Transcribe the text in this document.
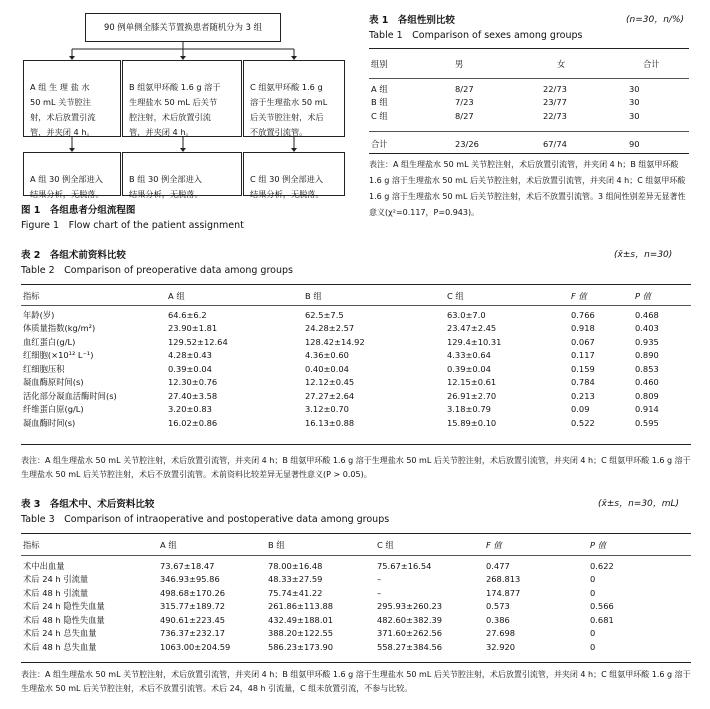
90 例单侧全膝关节置换患者随机分为 3 组

A 组 生 理 盐 水
50 mL 关节腔注
射，术后放置引流
管，并夹闭 4 h。

B 组氨甲环酸 1.6 g 溶于
生理盐水 50 mL 后关节
腔注射，术后放置引流
管，并夹闭 4 h。

C 组氨甲环酸 1.6 g
溶于生理盐水 50 mL
后关节腔注射，术后
不放置引流管。

A 组 30 例全部进入
结果分析，无脱落。

B 组 30 例全部进入
结果分析，无脱落。

C 组 30 例全部进入
结果分析，无脱落。

图 1　各组患者分组流程图
Figure 1　Flow chart of the patient assignment
表 1　各组性别比较	(n=30，n/%)
Table 1　Comparison of sexes among groups
组别	男	女	合计
A 组	8/27	22/73	30
B 组	7/23	23/77	30
C 组	8/27	22/73	30
合计	23/26	67/74	90
表注：A 组生理盐水 50 mL 关节腔注射，术后放置引流管，并夹闭 4 h；B 组氨甲环酸 1.6 g 溶于生理盐水 50 mL 后关节腔注射，术后放置引流管，并夹闭 4 h；C 组氨甲环酸 1.6 g 溶于生理盐水 50 mL 后关节腔注射，术后不放置引流管。3 组间性别差异无显著性意义(χ²=0.117，P=0.943)。
表 2　各组术前资料比较	(x̄±s，n=30)
Table 2　Comparison of preoperative data among groups
指标	A 组	B 组	C 组	F 值	P 值
年龄(岁)	64.6±6.2	62.5±7.5	63.0±7.0	0.766	0.468
体质量指数(kg/m²)	23.90±1.81	24.28±2.57	23.47±2.45	0.918	0.403
血红蛋白(g/L)	129.52±12.64	128.42±14.92	129.4±10.31	0.067	0.935
红细胞(×10¹² L⁻¹)	4.28±0.43	4.36±0.60	4.33±0.64	0.117	0.890
红细胞压积	0.39±0.04	0.40±0.04	0.39±0.04	0.159	0.853
凝血酶原时间(s)	12.30±0.76	12.12±0.45	12.15±0.61	0.784	0.460
活化部分凝血活酶时间(s)	27.40±3.58	27.27±2.64	26.91±2.70	0.213	0.809
纤维蛋白原(g/L)	3.20±0.83	3.12±0.70	3.18±0.79	0.09	0.914
凝血酶时间(s)	16.02±0.86	16.13±0.88	15.89±0.10	0.522	0.595
表注：A 组生理盐水 50 mL 关节腔注射，术后放置引流管，并夹闭 4 h；B 组氨甲环酸 1.6 g 溶于生理盐水 50 mL 后关节腔注射，术后放置引流管，并夹闭 4 h；C 组氨甲环酸 1.6 g 溶于生理盐水 50 mL 后关节腔注射，术后不放置引流管。术前资料比较差异无显著性意义(P > 0.05)。
表 3　各组术中、术后资料比较	(x̄±s，n=30，mL)
Table 3　Comparison of intraoperative and postoperative data among groups
指标	A 组	B 组	C 组	F 值	P 值
术中出血量	73.67±18.47	78.00±16.48	75.67±16.54	0.477	0.622
术后 24 h 引流量	346.93±95.86	48.33±27.59	–	268.813	0
术后 48 h 引流量	498.68±170.26	75.74±41.22	–	174.877	0
术后 24 h 隐性失血量	315.77±189.72	261.86±113.88	295.93±260.23	0.573	0.566
术后 48 h 隐性失血量	490.61±223.45	432.49±188.01	482.60±382.39	0.386	0.681
术后 24 h 总失血量	736.37±232.17	388.20±122.55	371.60±262.56	27.698	0
术后 48 h 总失血量	1063.00±204.59	586.23±173.90	558.27±384.56	32.920	0
表注：A 组生理盐水 50 mL 关节腔注射，术后放置引流管，并夹闭 4 h；B 组氨甲环酸 1.6 g 溶于生理盐水 50 mL 后关节腔注射，术后放置引流管，并夹闭 4 h；C 组氨甲环酸 1.6 g 溶于生理盐水 50 mL 后关节腔注射，术后不放置引流管。术后 24，48 h 引流量，C 组未放置引流，不参与比较。
